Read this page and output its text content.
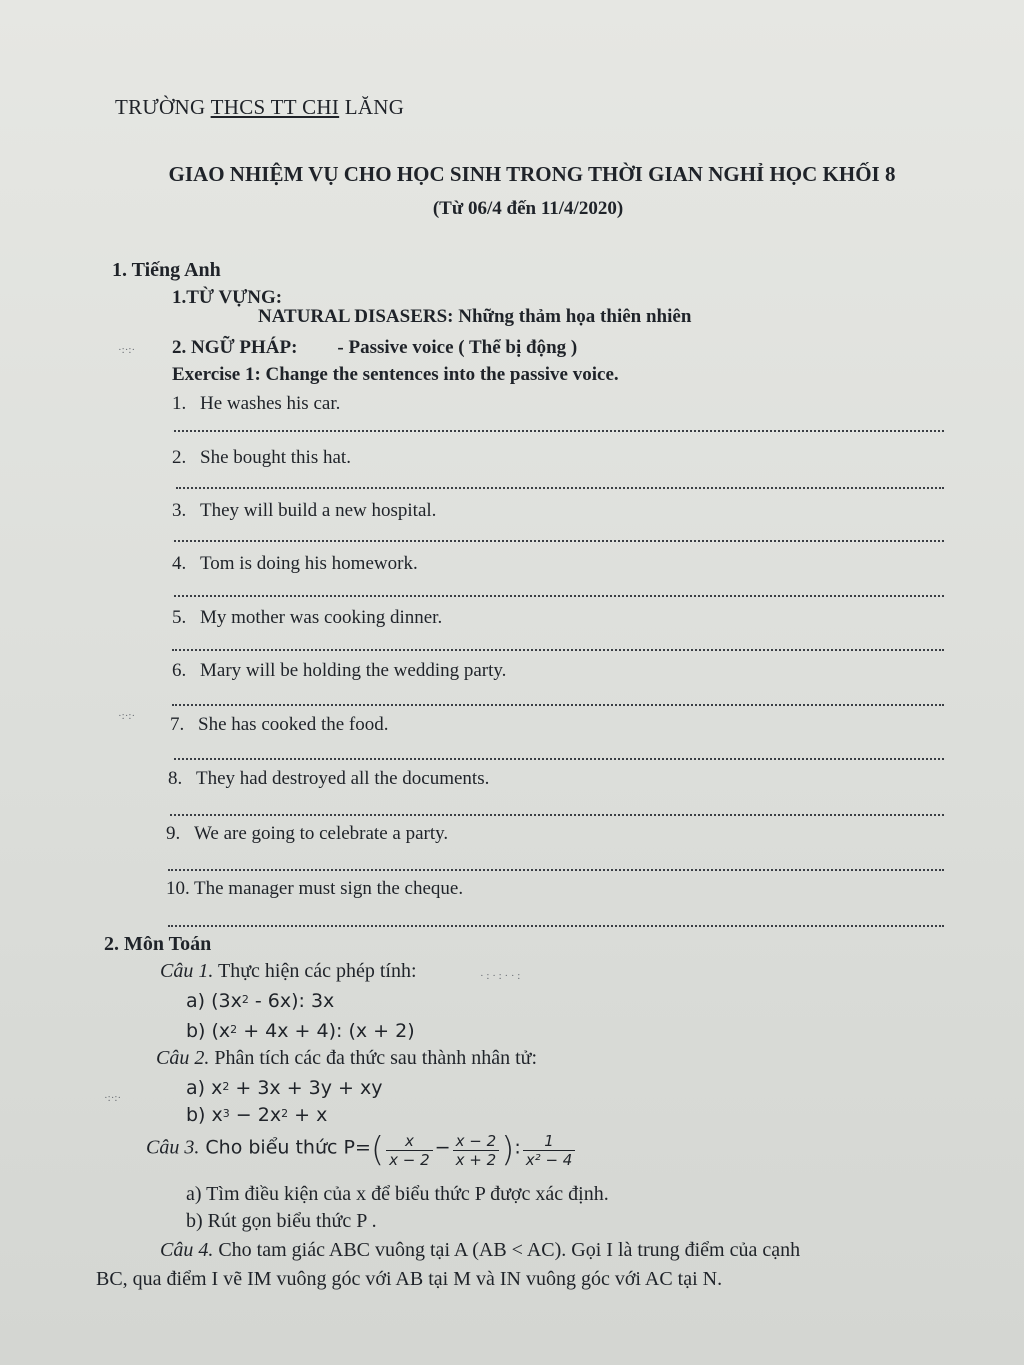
TRƯỜNG THCS TT CHI LĂNG
GIAO NHIỆM VỤ CHO HỌC SINH TRONG THỜI GIAN NGHỈ HỌC KHỐI 8
(Từ 06/4 đến 11/4/2020)
1. Tiếng Anh
1.TỪ VỰNG:
NATURAL DISASERS: Những thảm họa thiên nhiên
2. NGỮ PHÁP: - Passive voice ( Thể bị động )
Exercise 1: Change the sentences into the passive voice.
1. He washes his car.
2. She bought this hat.
3. They will build a new hospital.
4. Tom is doing his homework.
5. My mother was cooking dinner.
6. Mary will be holding the wedding party.
7. She has cooked the food.
8. They had destroyed all the documents.
9. We are going to celebrate a party.
10. The manager must sign the cheque.
2. Môn Toán
Câu 1. Thực hiện các phép tính:
a) $(3x^2 - 6x)$: 3x
b) $(x^2 + 4x + 4)$: (x + 2)
Câu 2. Phân tích các đa thức sau thành nhân tử:
a) $x^2 + 3x + 3y$ + xy
b) $x^3 - 2x^2 + x$
Câu 3. Cho biểu thức $P=( \frac{x}{x - 2} - \frac{x - 2}{x + 2}$ ): $\frac{1}{\text{x² − 4}}$
a) Tìm điều kiện của x để biểu thức P được xác định.
b) Rút gọn biểu thức P .
Câu 4. Cho tam giác ABC vuông tại A (AB < AC). Gọi I là trung điểm của cạnh
BC, qua điểm I vẽ IM vuông góc với AB tại M và IN vuông góc với AC tại N.
·:·:·
·:·:·
·:·:·
· : · : · · :
